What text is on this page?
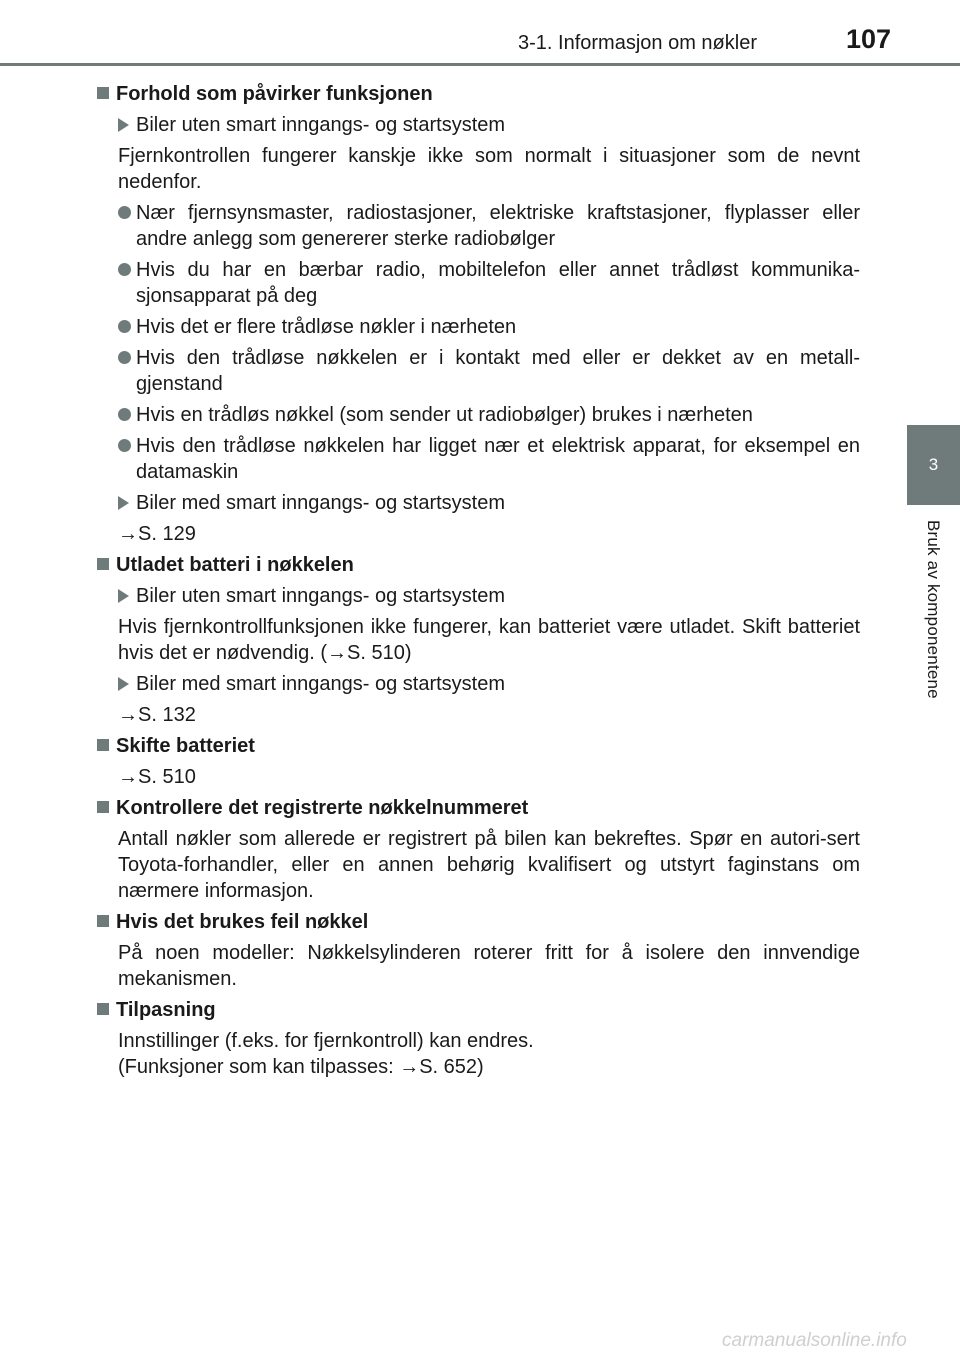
3-1. Informasjon om nøkler	107
3
Bruk av komponentene
Forhold som påvirker funksjonen
Biler uten smart inngangs- og startsystem
Fjernkontrollen fungerer kanskje ikke som normalt i situasjoner som de nevnt nedenfor.
Nær fjernsynsmaster, radiostasjoner, elektriske kraftstasjoner, flyplasser eller andre anlegg som genererer sterke radiobølger
Hvis du har en bærbar radio, mobiltelefon eller annet trådløst kommunika-sjonsapparat på deg
Hvis det er flere trådløse nøkler i nærheten
Hvis den trådløse nøkkelen er i kontakt med eller er dekket av en metall-gjenstand
Hvis en trådløs nøkkel (som sender ut radiobølger) brukes i nærheten
Hvis den trådløse nøkkelen har ligget nær et elektrisk apparat, for eksempel en datamaskin
Biler med smart inngangs- og startsystem
→S. 129
Utladet batteri i nøkkelen
Biler uten smart inngangs- og startsystem
Hvis fjernkontrollfunksjonen ikke fungerer, kan batteriet være utladet. Skift batteriet hvis det er nødvendig. (→S. 510)
Biler med smart inngangs- og startsystem
→S. 132
Skifte batteriet
→S. 510
Kontrollere det registrerte nøkkelnummeret
Antall nøkler som allerede er registrert på bilen kan bekreftes. Spør en autori-sert Toyota-forhandler, eller en annen behørig kvalifisert og utstyrt faginstans om nærmere informasjon.
Hvis det brukes feil nøkkel
På noen modeller: Nøkkelsylinderen roterer fritt for å isolere den innvendige mekanismen.
Tilpasning
Innstillinger (f.eks. for fjernkontroll) kan endres.
(Funksjoner som kan tilpasses: →S. 652)
carmanualsonline.info
